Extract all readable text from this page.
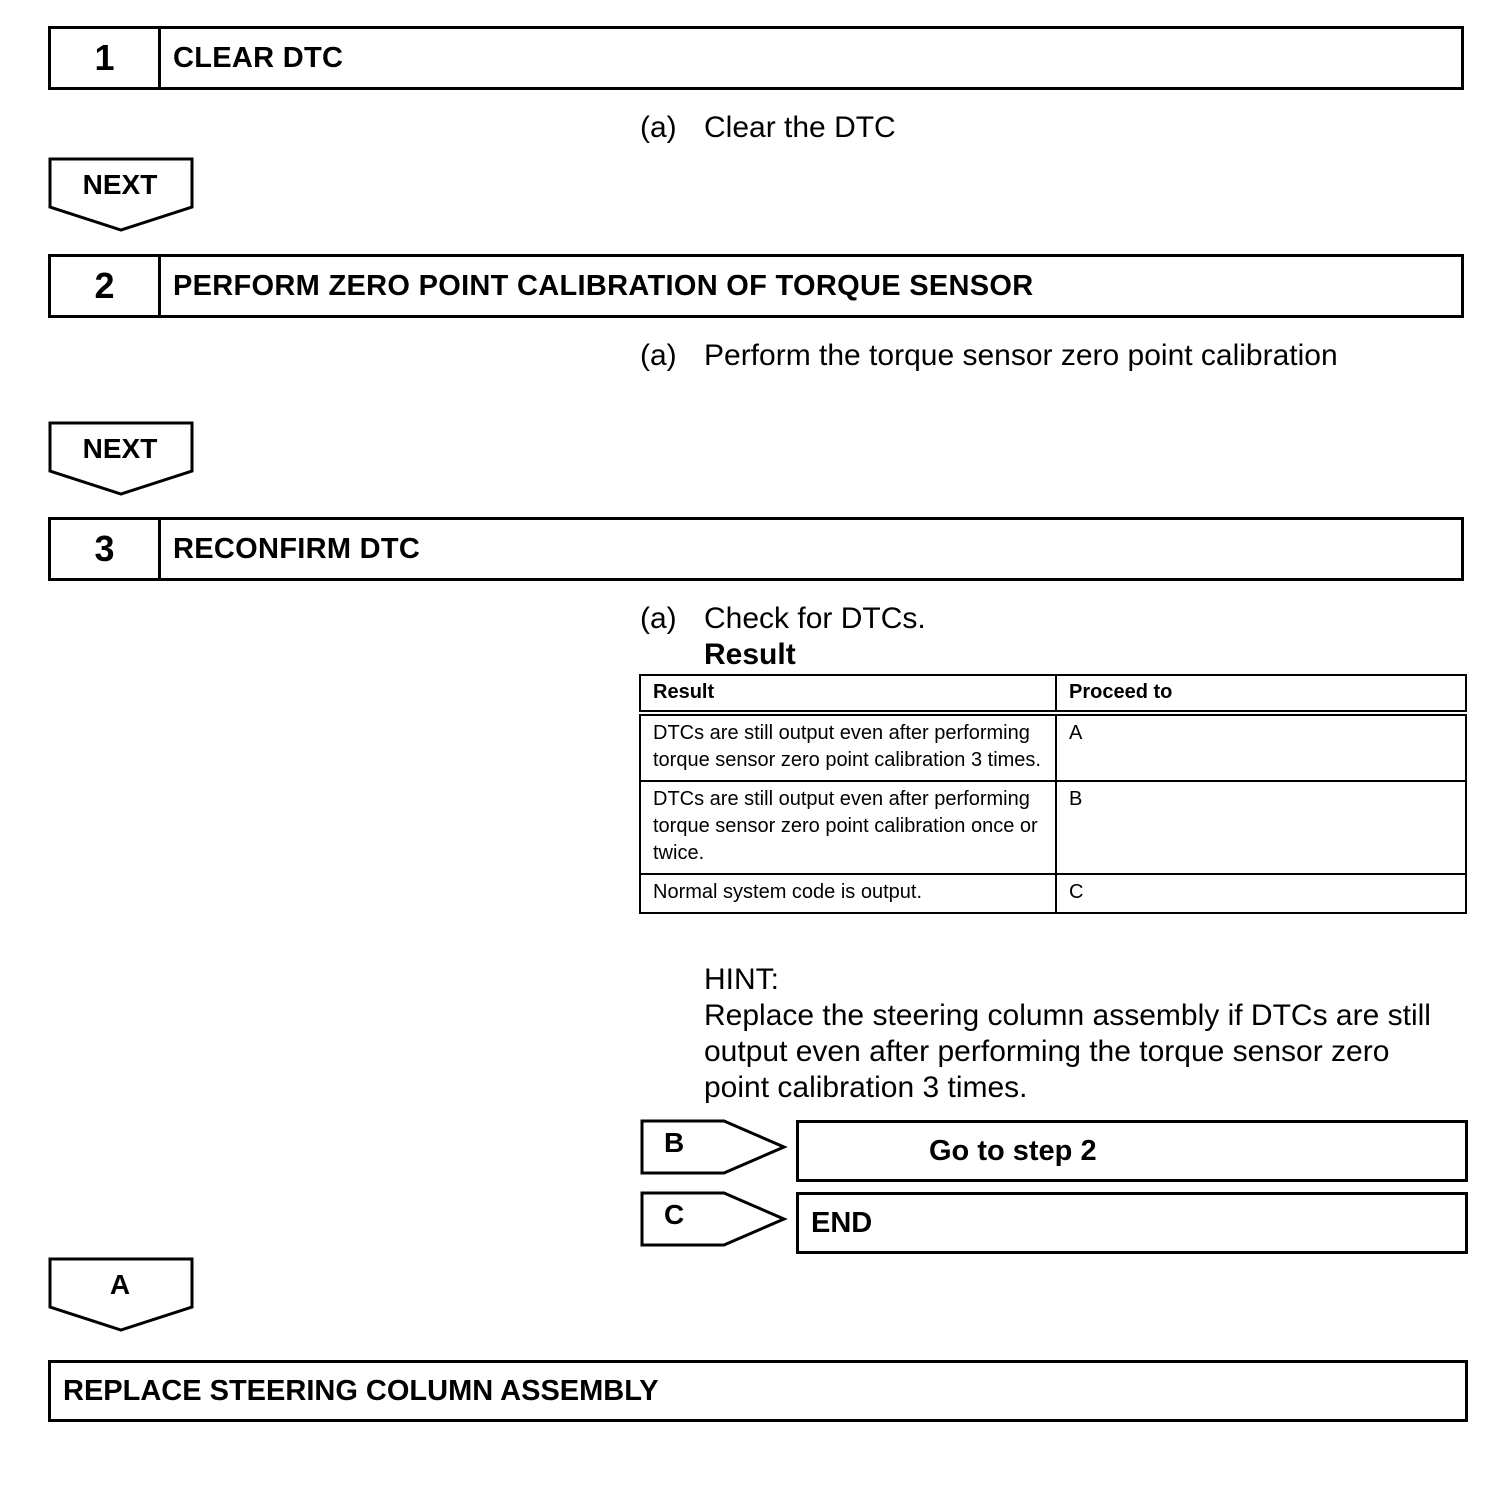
1	CLEAR DTC
(a) Clear the DTC
NEXT
2	PERFORM ZERO POINT CALIBRATION OF TORQUE SENSOR
(a) Perform the torque sensor zero point calibration
NEXT
3	RECONFIRM DTC
(a) Check for DTCs.
Result
Result	Proceed to
DTCs are still output even after performing torque sensor zero point calibration 3 times.	A
DTCs are still output even after performing torque sensor zero point calibration once or twice.	B
Normal system code is output.	C
HINT:
Replace the steering column assembly if DTCs are still
output even after performing the torque sensor zero
point calibration 3 times.
B	Go to step 2
C	END
A
REPLACE STEERING COLUMN ASSEMBLY
